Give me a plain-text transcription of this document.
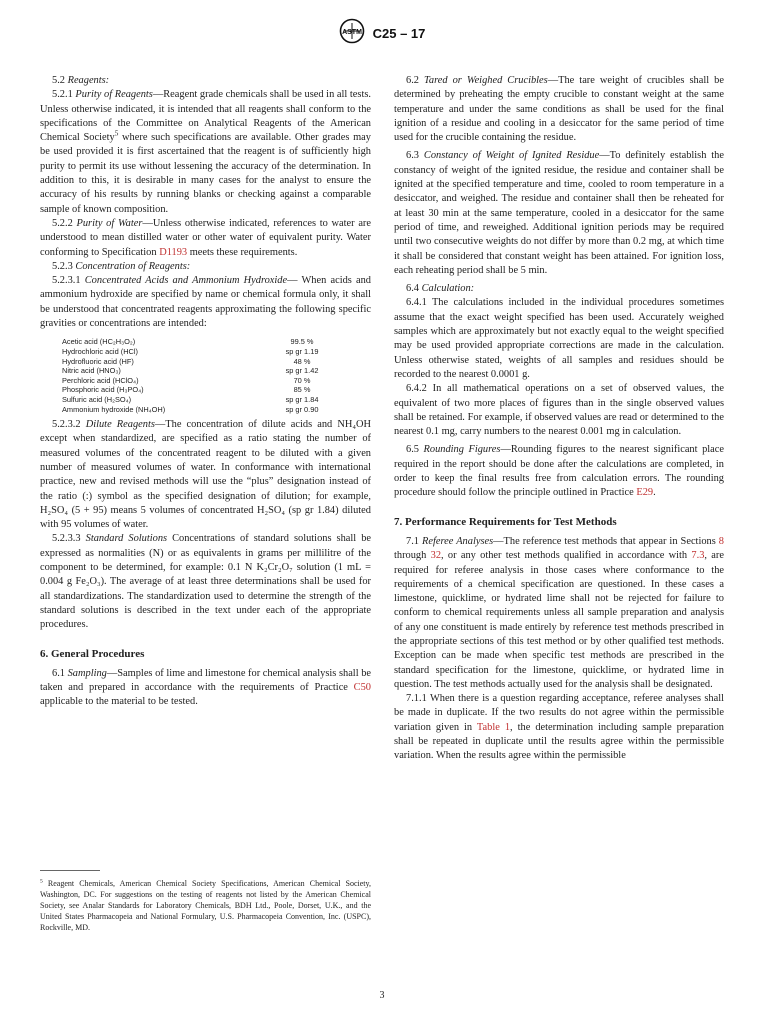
ASTM C25 – 17

5.2 Reagents:

5.2.1 Purity of Reagents—Reagent grade chemicals shall be used in all tests. Unless otherwise indicated, it is intended that all reagents shall conform to the specifications of the Committee on Analytical Reagents of the American Chemical Society$^5$ where such specifications are available. Other grades may be used provided it is first ascertained that the reagent is of sufficiently high purity to permit its use without lessening the accuracy of the determination. In addition to this, it is desirable in many cases for the analyst to ensure the accuracy of his results by running blanks or checking against a comparable sample of known composition.

5.2.2 Purity of Water—Unless otherwise indicated, references to water are understood to mean distilled water or other water of equivalent purity. Water conforming to Specification D1193 meets these requirements.

5.2.3 Concentration of Reagents:

5.2.3.1 Concentrated Acids and Ammonium Hydroxide— When acids and ammonium hydroxide are specified by name or chemical formula only, it shall be understood that concentrated reagents approximating the following specific gravities or concentrations are intended:

Acetic acid (HC₂H₃O₂)	99.5 %	
Hydrochloric acid (HCl)	sp gr 1.19	
Hydrofluoric acid (HF)	48 %	
Nitric acid (HNO₃)	sp gr 1.42	
Perchloric acid (HClO₄)	70 %	
Phosphoric acid (H₃PO₄)	85 %	
Sulfuric acid (H₂SO₄)	sp gr 1.84	
Ammonium hydroxide (NH₄OH)	sp gr 0.90	

5.2.3.2 Dilute Reagents—The concentration of dilute acids and NH₄OH except when standardized, are specified as a ratio stating the number of measured volumes of the concentrated reagent to be diluted with a given number of measured volumes of water. In conformance with international practice, new and revised methods will use the “plus” designation instead of the ratio (:) symbol as the specified designation of dilution; for example, H₂SO₄ (5 + 95) means 5 volumes of concentrated H₂SO₄ (sp gr 1.84) diluted with 95 volumes of water.

5.2.3.3 Standard Solutions Concentrations of standard solutions shall be expressed as normalities (N) or as equivalents in grams per millilitre of the component to be determined, for example: 0.1 N K₂Cr₂O₇ solution (1 mL = 0.004 g Fe₂O₃). The average of at least three determinations shall be used for all standardizations. The standardization used to determine the strength of the standard solutions is described in the text under each of the appropriate procedures.

6. General Procedures

6.1 Sampling—Samples of lime and limestone for chemical analysis shall be taken and prepared in accordance with the requirements of Practice C50 applicable to the material to be tested.

$^5$ Reagent Chemicals, American Chemical Society Specifications, American Chemical Society, Washington, DC. For suggestions on the testing of reagents not listed by the American Chemical Society, see Analar Standards for Laboratory Chemicals, BDH Ltd., Poole, Dorset, U.K., and the United States Pharmacopeia and National Formulary, U.S. Pharmacopeia Convention, Inc. (USPC), Rockville, MD.

6.2 Tared or Weighed Crucibles—The tare weight of crucibles shall be determined by preheating the empty crucible to constant weight at the same temperature and under the same conditions as shall be used for the final ignition of a residue and cooling in a desiccator for the same period of time used for the crucible containing the residue.

6.3 Constancy of Weight of Ignited Residue—To definitely establish the constancy of weight of the ignited residue, the residue and container shall be ignited at the specified temperature and time, cooled to room temperature in a desiccator, and weighed. The residue and container shall then be reheated for at least 30 min at the same temperature, cooled in a desiccator for the same period of time, and reweighed. Additional ignition periods may be required until two consecutive weights do not differ by more than 0.2 mg, at which time it shall be considered that constant weight has been attained. For ignition loss, each reheating period shall be 5 min.

6.4 Calculation:

6.4.1 The calculations included in the individual procedures sometimes assume that the exact weight specified has been used. Accurately weighed samples which are approximately but not exactly equal to the weight specified may be used provided appropriate corrections are made in the calculation. Unless otherwise stated, weights of all samples and residues should be recorded to the nearest 0.0001 g.

6.4.2 In all mathematical operations on a set of observed values, the equivalent of two more places of figures than in the single observed values shall be retained. For example, if observed values are read or determined to the nearest 0.1 mg, carry numbers to the nearest 0.001 mg in calculation.

6.5 Rounding Figures—Rounding figures to the nearest significant place required in the report should be done after the calculations are completed, in order to keep the final results free from calculation errors. The rounding procedure should follow the principle outlined in Practice E29.

7. Performance Requirements for Test Methods

7.1 Referee Analyses—The reference test methods that appear in Sections 8 through 32, or any other test methods qualified in accordance with 7.3, are required for referee analysis in those cases where conformance to the requirements of a chemical specification are questioned. In these cases a limestone, quicklime, or hydrated lime shall not be rejected for failure to conform to chemical requirements unless all sample preparation and analysis of any one constituent is made entirely by reference test methods prescribed in the appropriate sections of this test method or by other qualified test methods. Exception can be made when specific test methods are prescribed in the standard specification for the limestone, quicklime, or hydrated lime in question. The test methods actually used for the analysis shall be designated.

7.1.1 When there is a question regarding acceptance, referee analyses shall be made in duplicate. If the two results do not agree within the permissible variation given in Table 1, the determination including sample preparation shall be repeated in duplicate until the results agree within the permissible variation. When the results agree within the permissible

3
